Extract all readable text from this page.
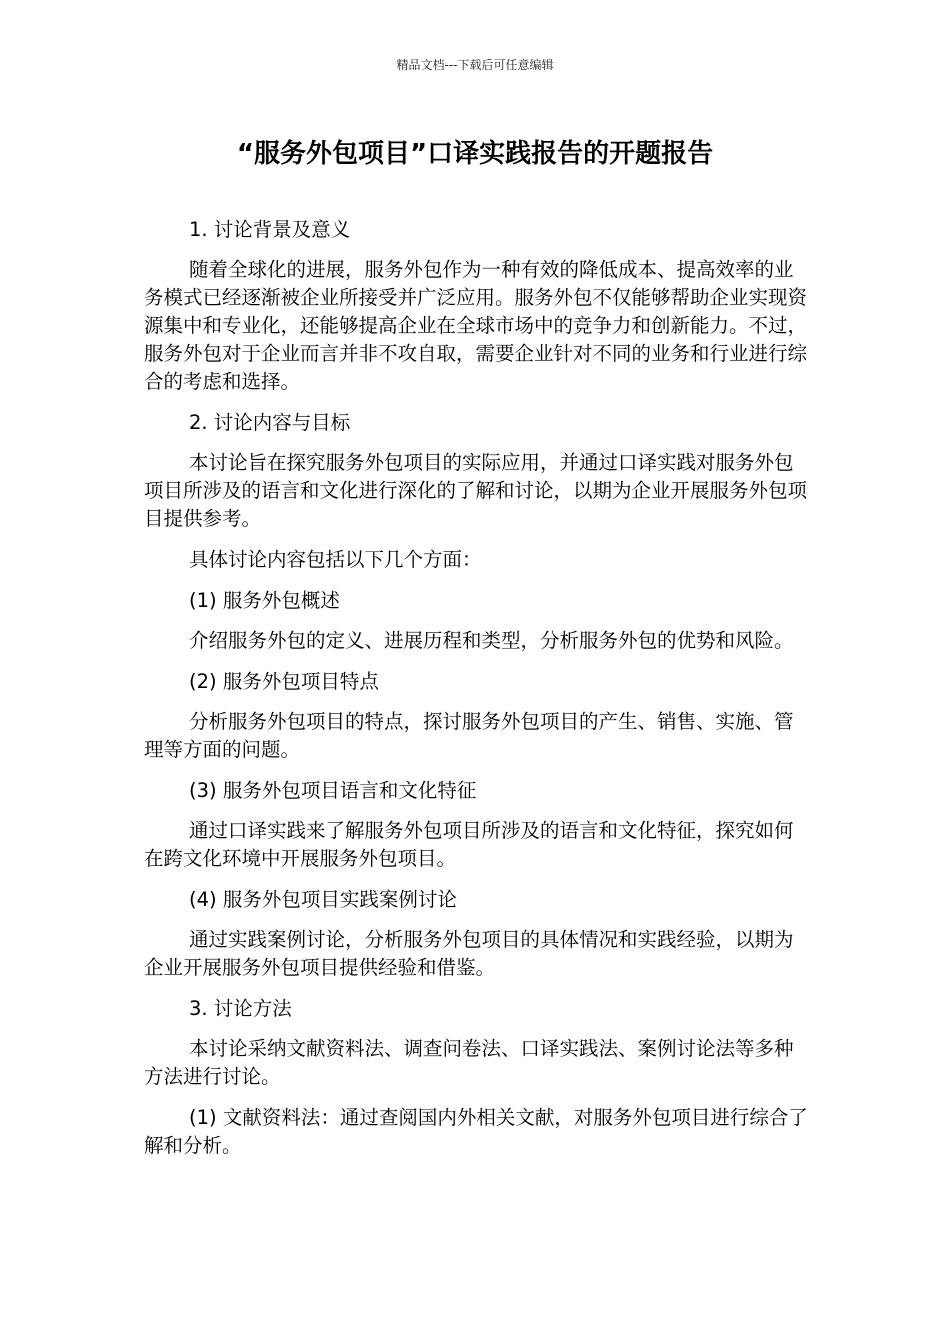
精品文档---下载后可任意编辑
“服务外包项目”口译实践报告的开题报告

1. 讨论背景及意义

随着全球化的进展，服务外包作为一种有效的降低成本、提高效率的业务模式已经逐渐被企业所接受并广泛应用。服务外包不仅能够帮助企业实现资源集中和专业化，还能够提高企业在全球市场中的竞争力和创新能力。不过，服务外包对于企业而言并非不攻自取，需要企业针对不同的业务和行业进行综合的考虑和选择。

2. 讨论内容与目标

本讨论旨在探究服务外包项目的实际应用，并通过口译实践对服务外包项目所涉及的语言和文化进行深化的了解和讨论，以期为企业开展服务外包项目提供参考。

具体讨论内容包括以下几个方面：

(1) 服务外包概述

介绍服务外包的定义、进展历程和类型，分析服务外包的优势和风险。

(2) 服务外包项目特点

分析服务外包项目的特点，探讨服务外包项目的产生、销售、实施、管理等方面的问题。

(3) 服务外包项目语言和文化特征

通过口译实践来了解服务外包项目所涉及的语言和文化特征，探究如何在跨文化环境中开展服务外包项目。

(4) 服务外包项目实践案例讨论

通过实践案例讨论，分析服务外包项目的具体情况和实践经验，以期为企业开展服务外包项目提供经验和借鉴。

3. 讨论方法

本讨论采纳文献资料法、调查问卷法、口译实践法、案例讨论法等多种方法进行讨论。

(1) 文献资料法：通过查阅国内外相关文献，对服务外包项目进行综合了解和分析。
